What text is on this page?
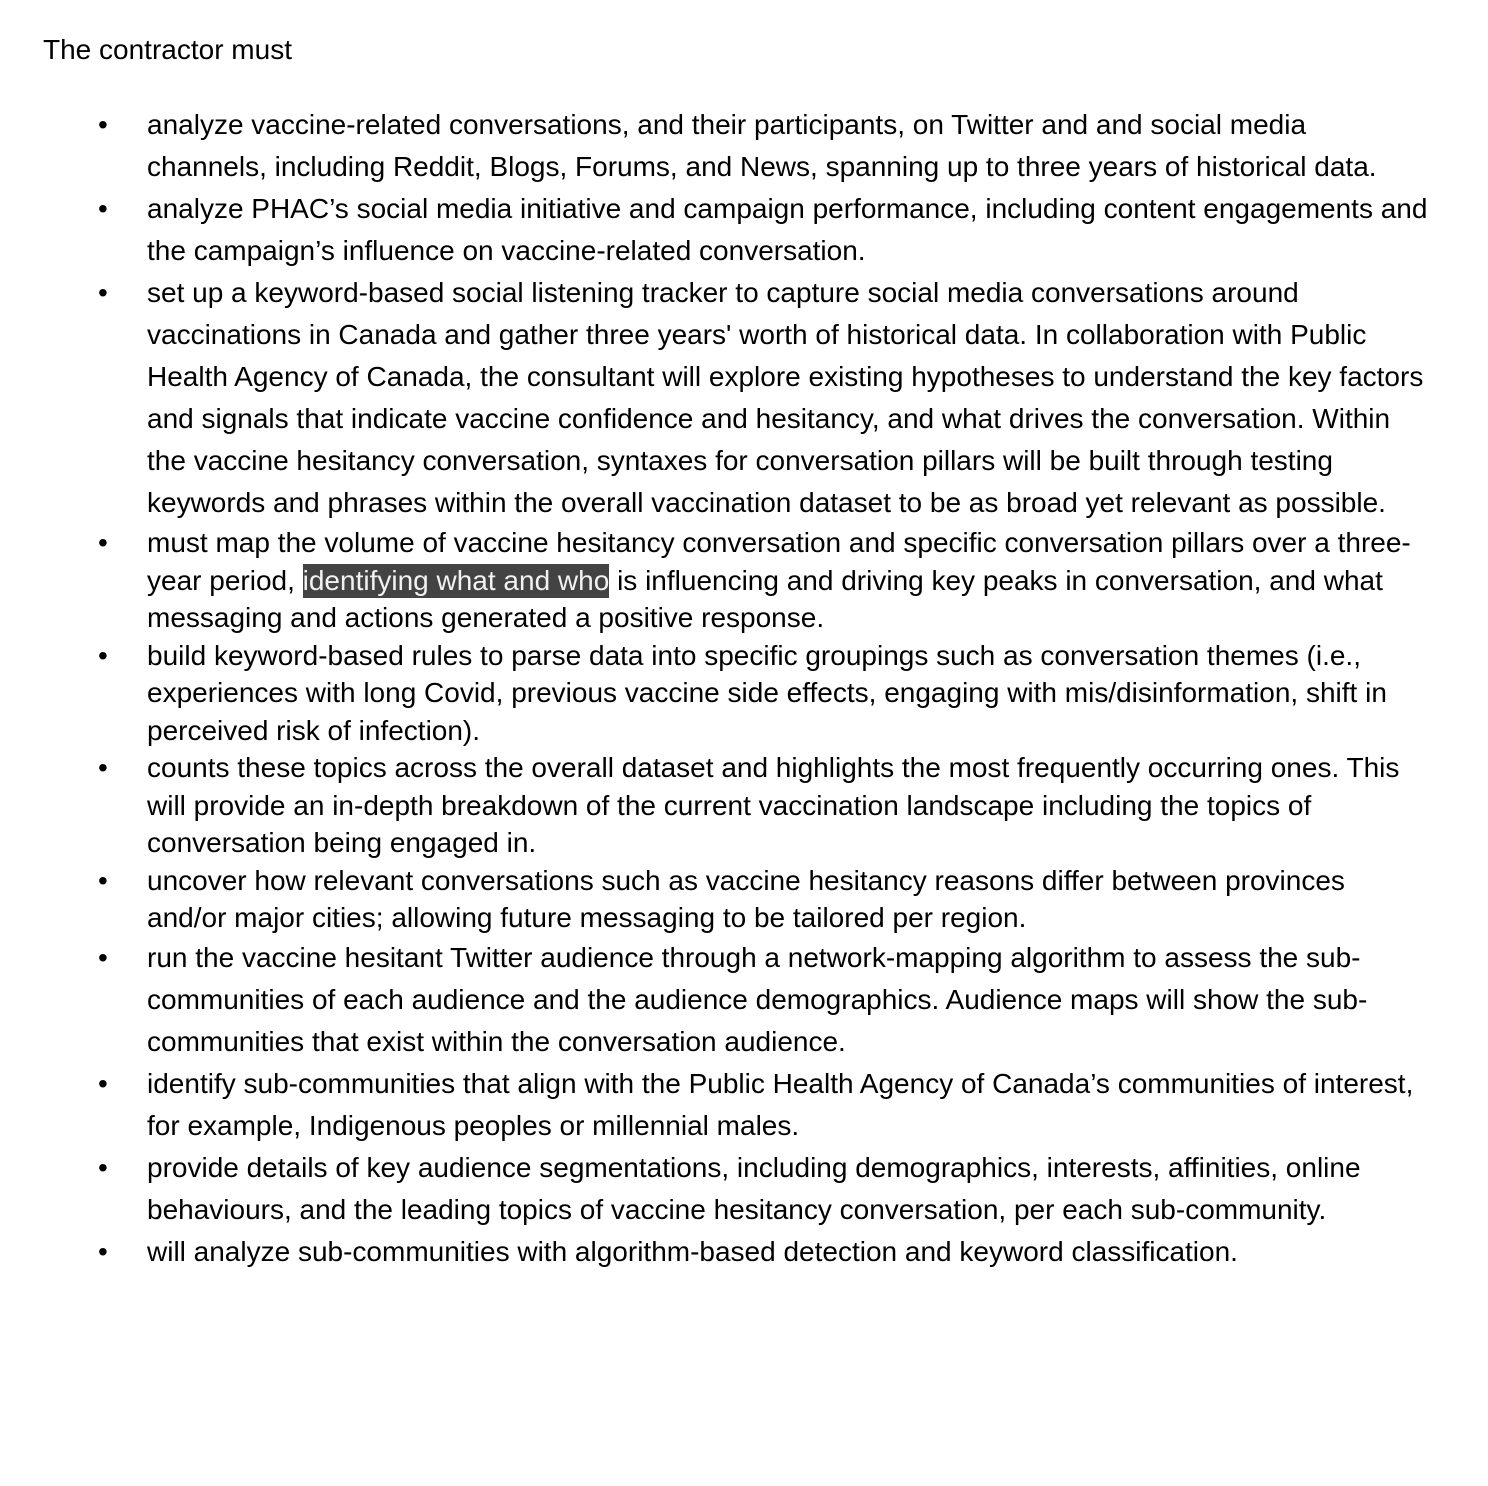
The contractor must
•	analyze vaccine-related conversations, and their participants, on Twitter and and social media channels, including Reddit, Blogs, Forums, and News, spanning up to three years of historical data.
•	analyze PHAC’s social media initiative and campaign performance, including content engagements and the campaign’s influence on vaccine-related conversation.
•	set up a keyword-based social listening tracker to capture social media conversations around vaccinations in Canada and gather three years' worth of historical data. In collaboration with Public Health Agency of Canada, the consultant will explore existing hypotheses to understand the key factors and signals that indicate vaccine confidence and hesitancy, and what drives the conversation. Within the vaccine hesitancy conversation, syntaxes for conversation pillars will be built through testing keywords and phrases within the overall vaccination dataset to be as broad yet relevant as possible.
•	must map the volume of vaccine hesitancy conversation and specific conversation pillars over a three-year period, identifying what and who is influencing and driving key peaks in conversation, and what messaging and actions generated a positive response.
•	build keyword-based rules to parse data into specific groupings such as conversation themes (i.e., experiences with long Covid, previous vaccine side effects, engaging with mis/disinformation, shift in perceived risk of infection).
•	counts these topics across the overall dataset and highlights the most frequently occurring ones. This will provide an in-depth breakdown of the current vaccination landscape including the topics of conversation being engaged in.
•	uncover how relevant conversations such as vaccine hesitancy reasons differ between provinces and/or major cities; allowing future messaging to be tailored per region.
•	run the vaccine hesitant Twitter audience through a network-mapping algorithm to assess the sub-communities of each audience and the audience demographics. Audience maps will show the sub-communities that exist within the conversation audience.
•	identify sub-communities that align with the Public Health Agency of Canada’s communities of interest, for example, Indigenous peoples or millennial males.
•	provide details of key audience segmentations, including demographics, interests, affinities, online behaviours, and the leading topics of vaccine hesitancy conversation, per each sub-community.
•	will analyze sub-communities with algorithm-based detection and keyword classification.
